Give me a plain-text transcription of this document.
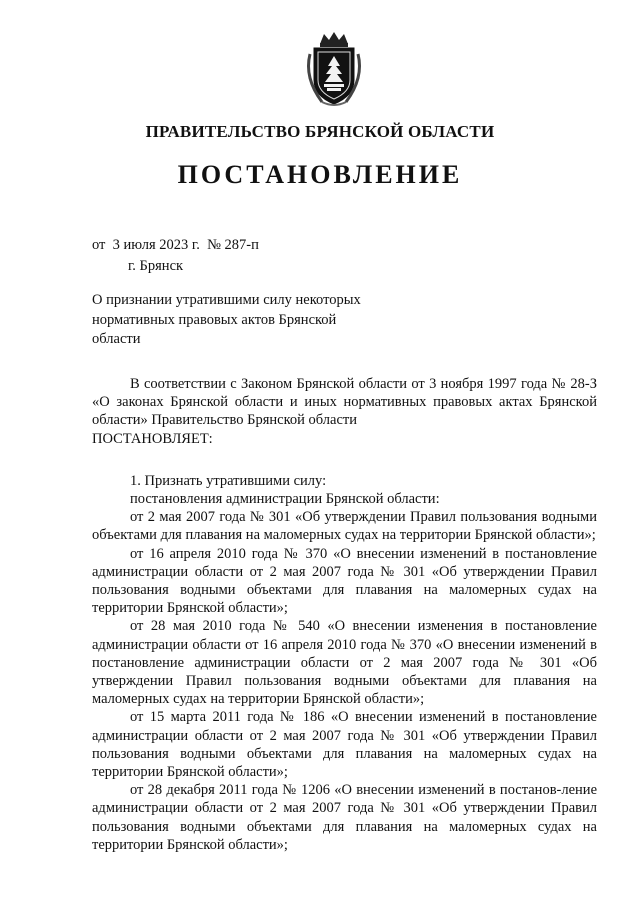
ПРАВИТЕЛЬСТВО БРЯНСКОЙ ОБЛАСТИ
ПОСТАНОВЛЕНИЕ
от  3 июля 2023 г.  № 287-п
г. Брянск
О признании утратившими силу некоторых
нормативных правовых актов Брянской
области

В соответствии с Законом Брянской области от 3 ноября 1997 года № 28-З «О законах Брянской области и иных нормативных правовых актах Брянской области» Правительство Брянской области

ПОСТАНОВЛЯЕТ:

1. Признать утратившими силу:

постановления администрации Брянской области:

от 2 мая 2007 года № 301 «Об утверждении Правил пользования водными объектами для плавания на маломерных судах на территории Брянской области»;

от 16 апреля 2010 года № 370 «О внесении изменений в постановление администрации области от 2 мая 2007 года № 301 «Об утверждении Правил пользования водными объектами для плавания на маломерных судах на территории Брянской области»;

от 28 мая 2010 года № 540 «О внесении изменения в постановление администрации области от 16 апреля 2010 года № 370 «О внесении изменений в постановление администрации области от 2 мая 2007 года № 301 «Об утверждении Правил пользования водными объектами для плавания на маломерных судах на территории Брянской области»;

от 15 марта 2011 года № 186 «О внесении изменений в постановление администрации области от 2 мая 2007 года № 301 «Об утверждении Правил пользования водными объектами для плавания на маломерных судах на территории Брянской области»;

от 28 декабря 2011 года № 1206 «О внесении изменений в постанов-ление администрации области от 2 мая 2007 года № 301 «Об утверждении Правил пользования водными объектами для плавания на маломерных судах на территории Брянской области»;
